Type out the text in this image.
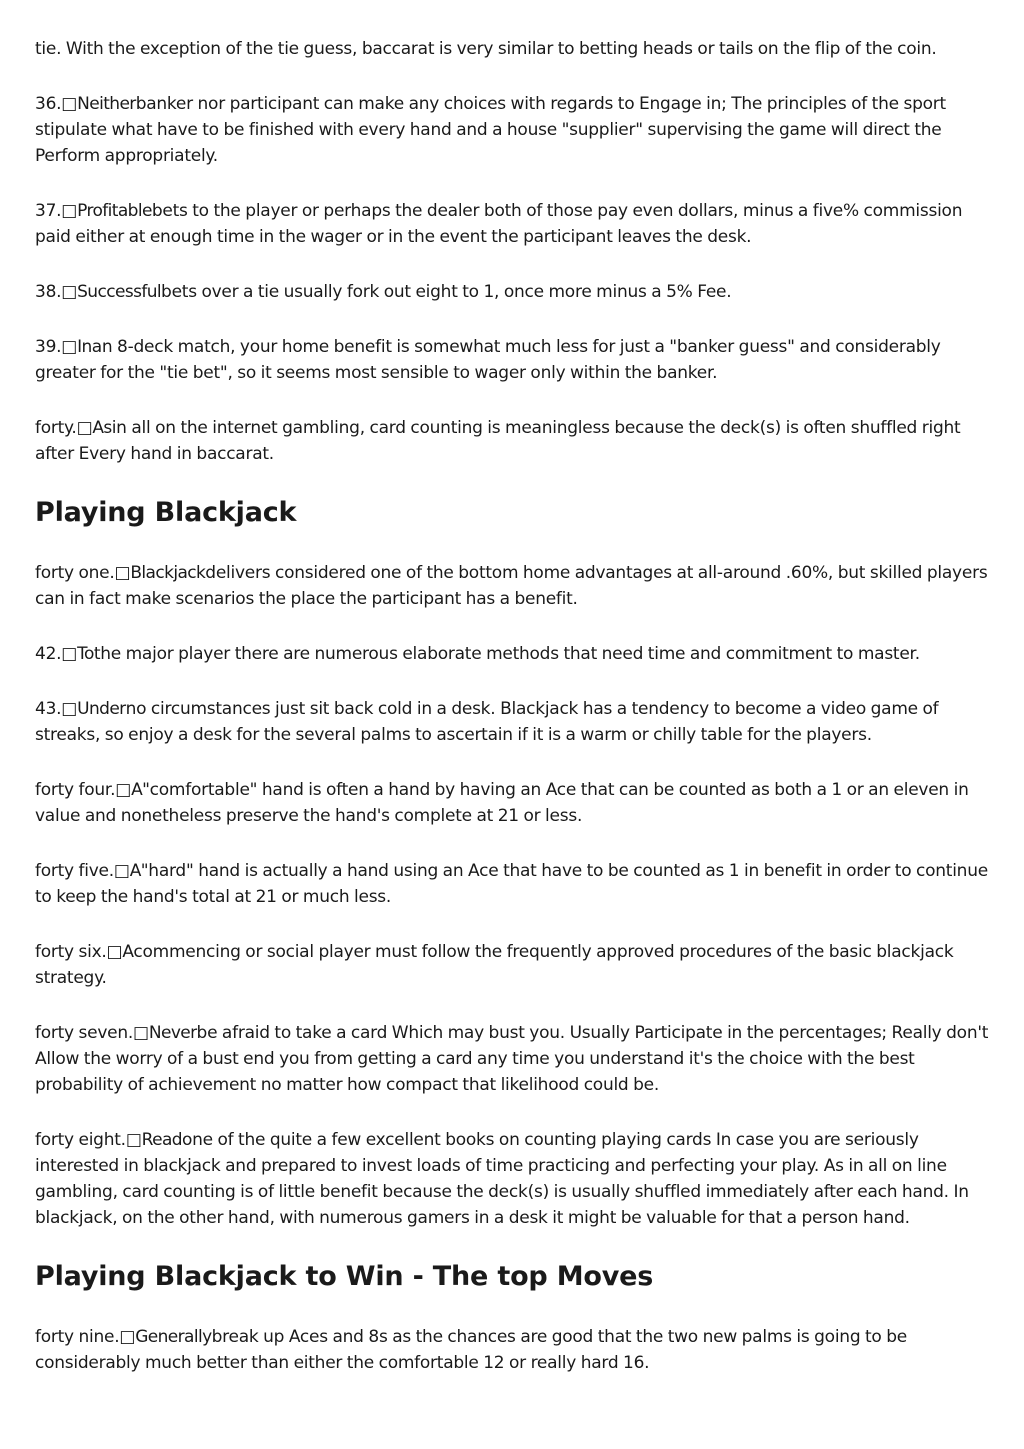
tie. With the exception of the tie guess, baccarat is very similar to betting heads or tails on the flip of the coin.

36.□Neitherbanker nor participant can make any choices with regards to Engage in; The principles of the sport stipulate what have to be finished with every hand and a house "supplier" supervising the game will direct the Perform appropriately.

37.□Profitablebets to the player or perhaps the dealer both of those pay even dollars, minus a five% commission paid either at enough time in the wager or in the event the participant leaves the desk.

38.□Successfulbets over a tie usually fork out eight to 1, once more minus a 5% Fee.

39.□Inan 8-deck match, your home benefit is somewhat much less for just a "banker guess" and considerably greater for the "tie bet", so it seems most sensible to wager only within the banker.

forty.□Asin all on the internet gambling, card counting is meaningless because the deck(s) is often shuffled right after Every hand in baccarat.

Playing Blackjack

forty one.□Blackjackdelivers considered one of the bottom home advantages at all-around .60%, but skilled players can in fact make scenarios the place the participant has a benefit.

42.□Tothe major player there are numerous elaborate methods that need time and commitment to master.

43.□Underno circumstances just sit back cold in a desk. Blackjack has a tendency to become a video game of streaks, so enjoy a desk for the several palms to ascertain if it is a warm or chilly table for the players.

forty four.□A"comfortable" hand is often a hand by having an Ace that can be counted as both a 1 or an eleven in value and nonetheless preserve the hand's complete at 21 or less.

forty five.□A"hard" hand is actually a hand using an Ace that have to be counted as 1 in benefit in order to continue to keep the hand's total at 21 or much less.

forty six.□Acommencing or social player must follow the frequently approved procedures of the basic blackjack strategy.

forty seven.□Neverbe afraid to take a card Which may bust you. Usually Participate in the percentages; Really don't Allow the worry of a bust end you from getting a card any time you understand it's the choice with the best probability of achievement no matter how compact that likelihood could be.

forty eight.□Readone of the quite a few excellent books on counting playing cards In case you are seriously interested in blackjack and prepared to invest loads of time practicing and perfecting your play. As in all on line gambling, card counting is of little benefit because the deck(s) is usually shuffled immediately after each hand. In blackjack, on the other hand, with numerous gamers in a desk it might be valuable for that a person hand.

Playing Blackjack to Win - The top Moves

forty nine.□Generallybreak up Aces and 8s as the chances are good that the two new palms is going to be considerably much better than either the comfortable 12 or really hard 16.
